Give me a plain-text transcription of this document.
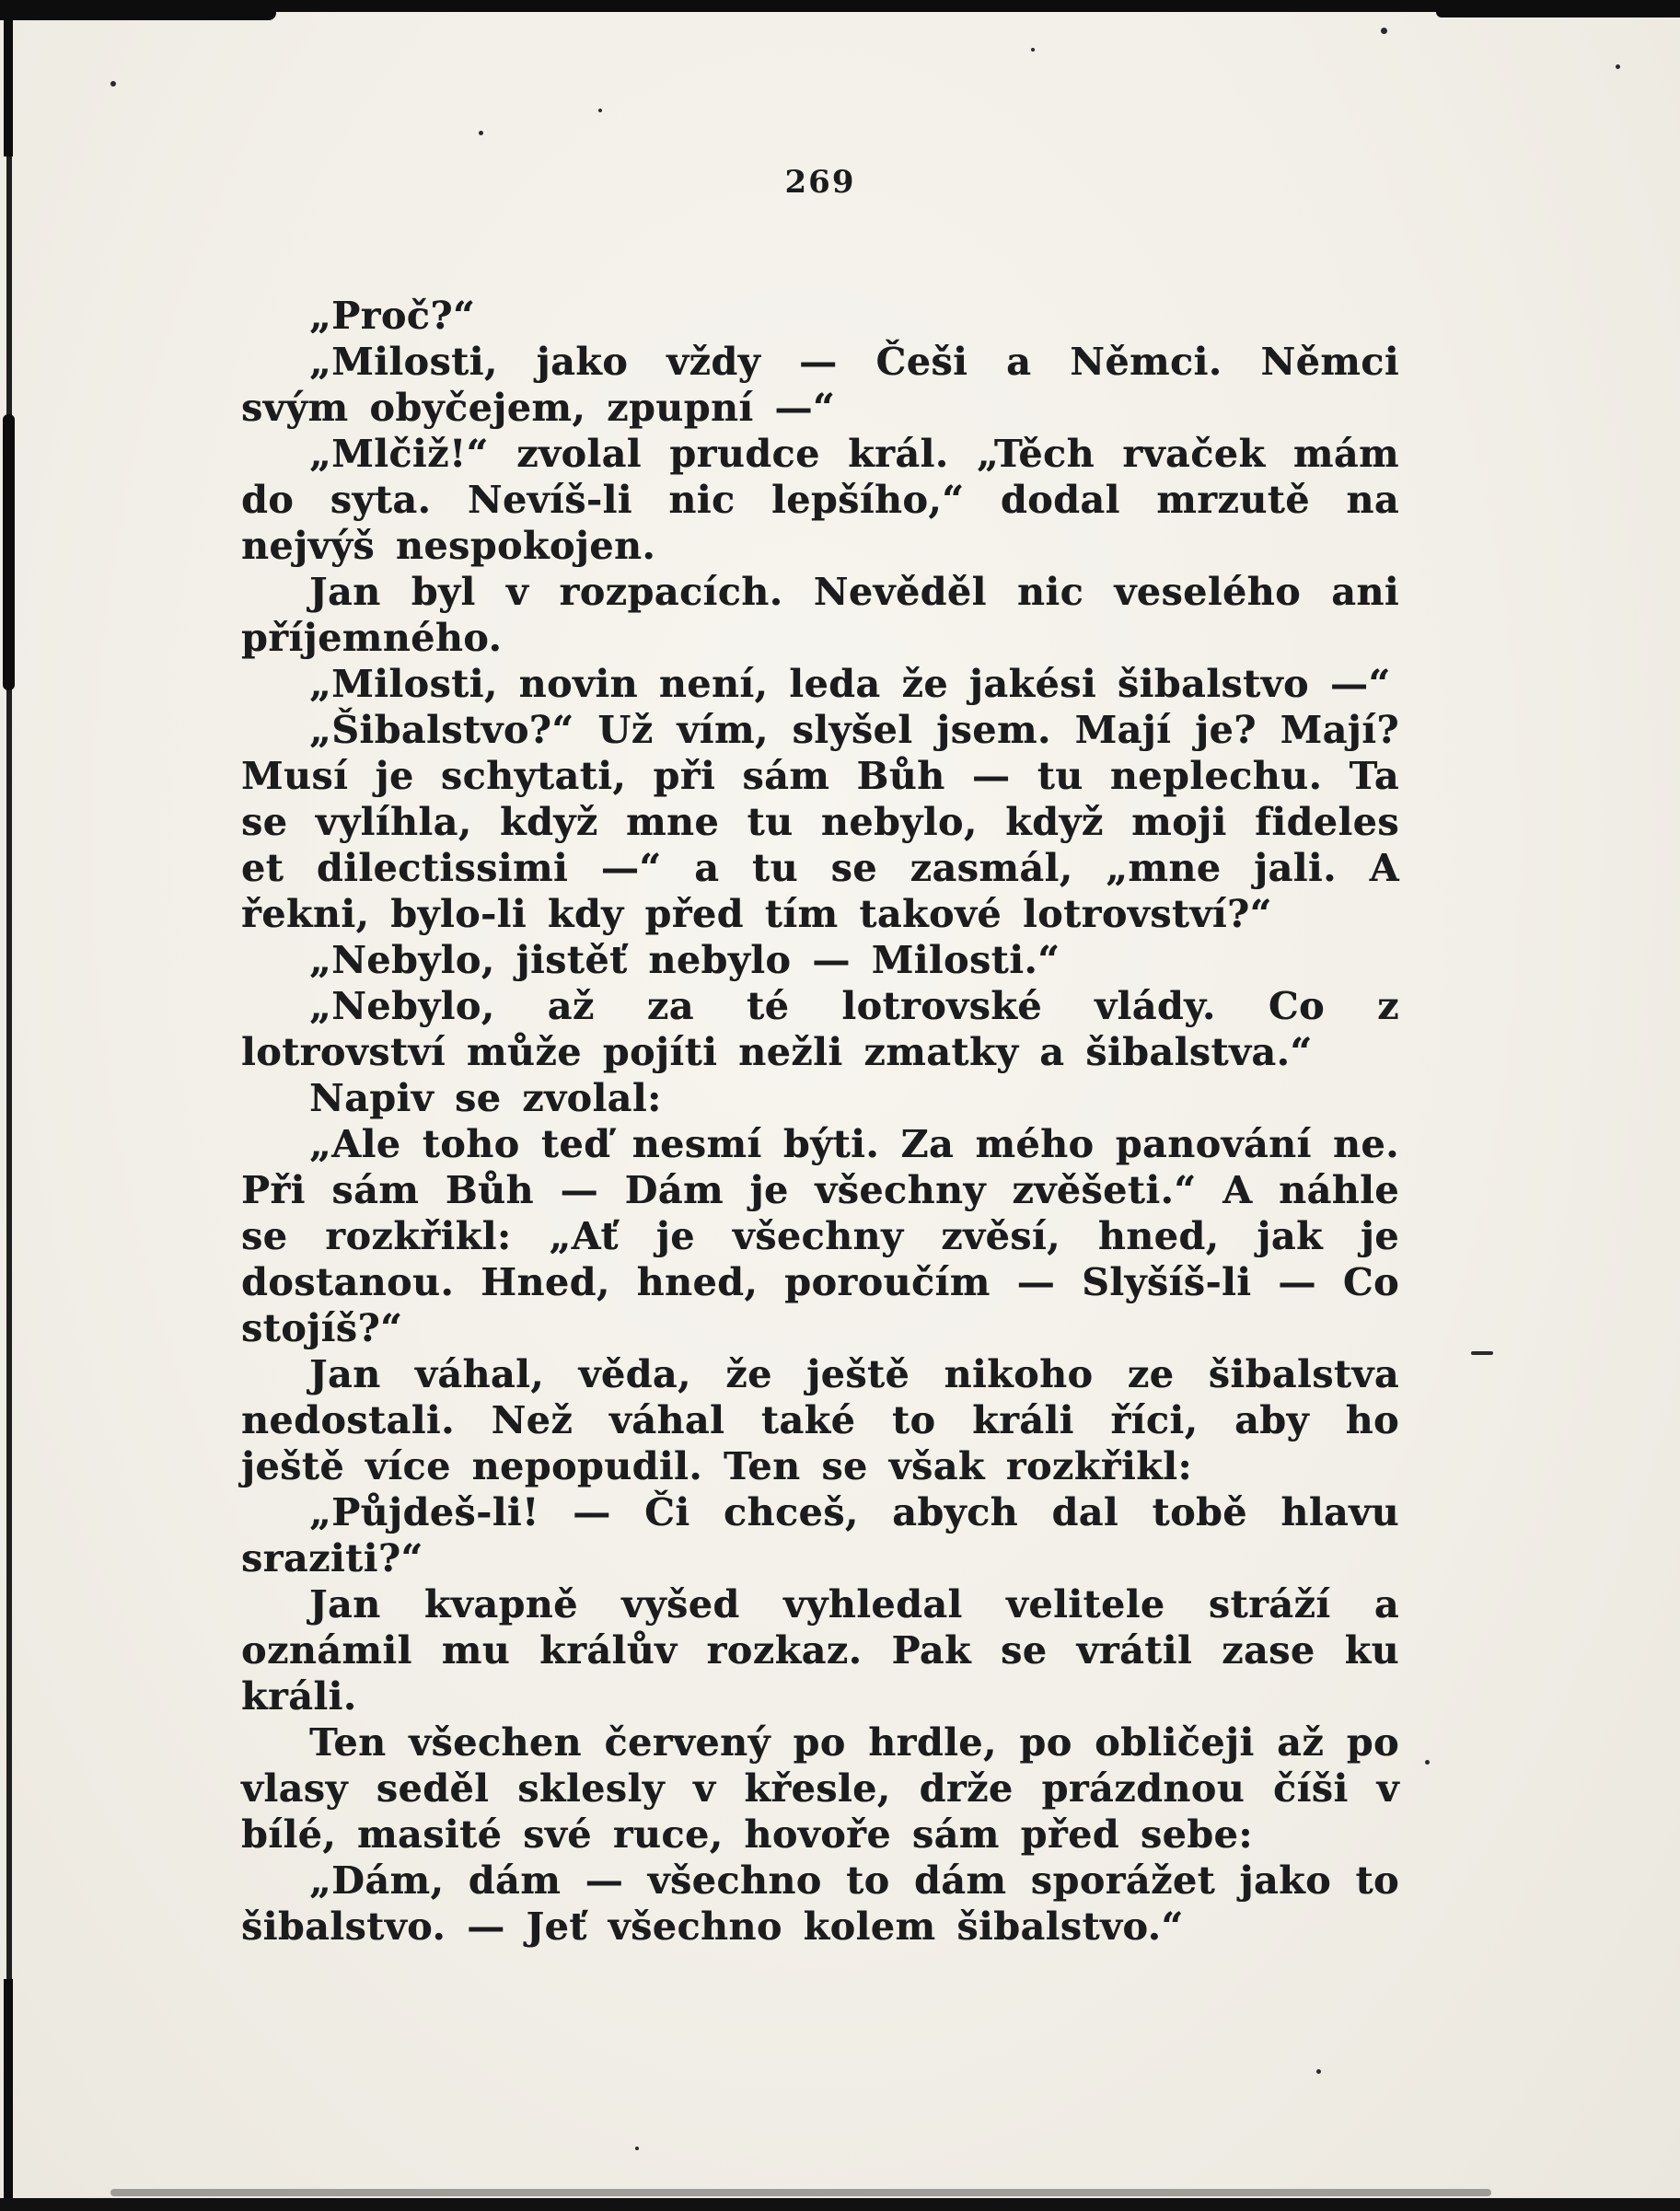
269

„Proč?“

„Milosti, jako vždy — Češi a Němci. Němci svým obyčejem, zpupní —“

„Mlčiž!“ zvolal prudce král. „Těch rvaček mám do syta. Nevíš-li nic lepšího,“ dodal mrzutě na nejvýš nespokojen.

Jan byl v rozpacích. Nevěděl nic veselého ani příjemného.

„Milosti, novin není, leda že jakési šibalstvo —“

„Šibalstvo?“ Už vím, slyšel jsem. Mají je? Mají? Musí je schytati, při sám Bůh — tu neplechu. Ta se vylíhla, když mne tu nebylo, když moji fideles et dilectissimi —“ a tu se zasmál, „mne jali. A řekni, bylo-li kdy před tím takové lotrovství?“

„Nebylo, jistěť nebylo — Milosti.“

„Nebylo, až za té lotrovské vlády. Co z lotrovství může pojíti nežli zmatky a šibalstva.“

Napiv se zvolal:

„Ale toho teď nesmí býti. Za mého panování ne. Při sám Bůh — Dám je všechny zvěšeti.“ A náhle se rozkřikl: „Ať je všechny zvěsí, hned, jak je dostanou. Hned, hned, poroučím — Slyšíš-li — Co stojíš?“

Jan váhal, věda, že ještě nikoho ze šibalstva nedostali. Než váhal také to králi říci, aby ho ještě více nepopudil. Ten se však rozkřikl:

„Půjdeš-li! — Či chceš, abych dal tobě hlavu sraziti?“

Jan kvapně vyšed vyhledal velitele stráží a oznámil mu králův rozkaz. Pak se vrátil zase ku králi.

Ten všechen červený po hrdle, po obličeji až po vlasy seděl sklesly v křesle, drže prázdnou číši v bílé, masité své ruce, hovoře sám před sebe:

„Dám, dám — všechno to dám sporážet jako to šibalstvo. — Jeť všechno kolem šibalstvo.“
